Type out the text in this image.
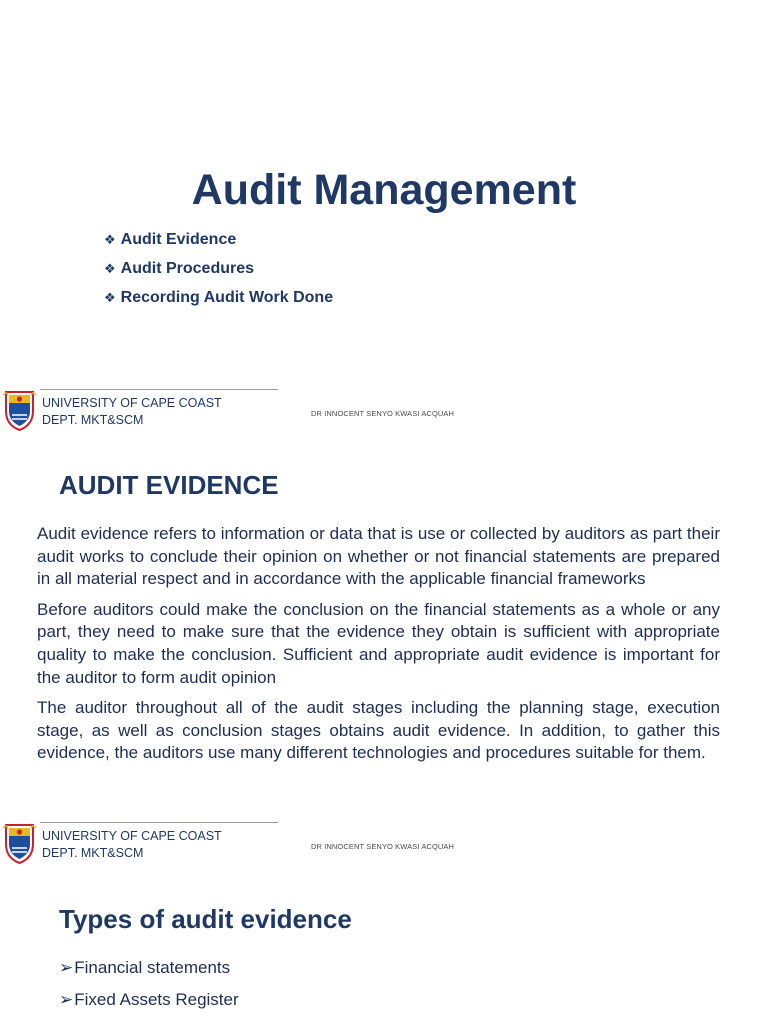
Audit Management
❖ Audit Evidence
❖ Audit Procedures
❖ Recording Audit Work Done
UNIVERSITY OF CAPE COAST
DEPT. MKT&SCM	DR INNOCENT SENYO KWASI ACQUAH
AUDIT EVIDENCE

Audit evidence refers to information or data that is use or collected by auditors as part their audit works to conclude their opinion on whether or not financial statements are prepared in all material respect and in accordance with the applicable financial frameworks

Before auditors could make the conclusion on the financial statements as a whole or any part, they need to make sure that the evidence they obtain is sufficient with appropriate quality to make the conclusion. Sufficient and appropriate audit evidence is important for the auditor to form audit opinion

The auditor throughout all of the audit stages including the planning stage, execution stage, as well as conclusion stages obtains audit evidence. In addition, to gather this evidence, the auditors use many different technologies and procedures suitable for them.

UNIVERSITY OF CAPE COAST
DEPT. MKT&SCM	DR INNOCENT SENYO KWASI ACQUAH
Types of audit evidence
➢Financial statements
➢Fixed Assets Register
